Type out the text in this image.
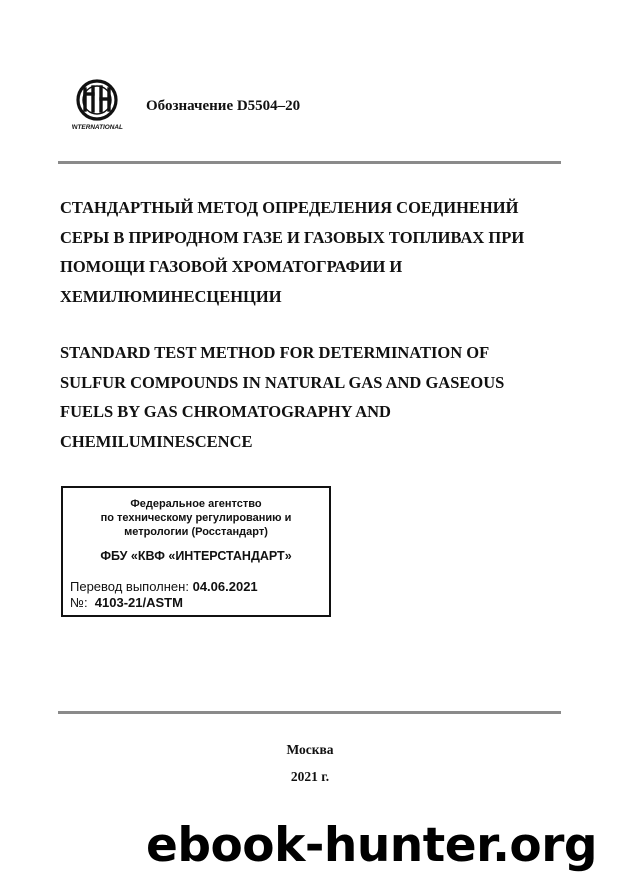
INTERNATIONAL
Обозначение D5504–20
СТАНДАРТНЫЙ МЕТОД ОПРЕДЕЛЕНИЯ СОЕДИНЕНИЙ
СЕРЫ В ПРИРОДНОМ ГАЗЕ И ГАЗОВЫХ ТОПЛИВАХ ПРИ
ПОМОЩИ ГАЗОВОЙ ХРОМАТОГРАФИИ И
ХЕМИЛЮМИНЕСЦЕНЦИИ
STANDARD TEST METHOD FOR DETERMINATION OF
SULFUR COMPOUNDS IN NATURAL GAS AND GASEOUS
FUELS BY GAS CHROMATOGRAPHY AND
CHEMILUMINESCENCE
Федеральное агентство
по техническому регулированию и
метрологии (Росстандарт)
ФБУ «КВФ «ИНТЕРСТАНДАРТ»
Перевод выполнен: 04.06.2021
№: 4103-21/ASTM
Москва
2021 г.
ebook-hunter.org
